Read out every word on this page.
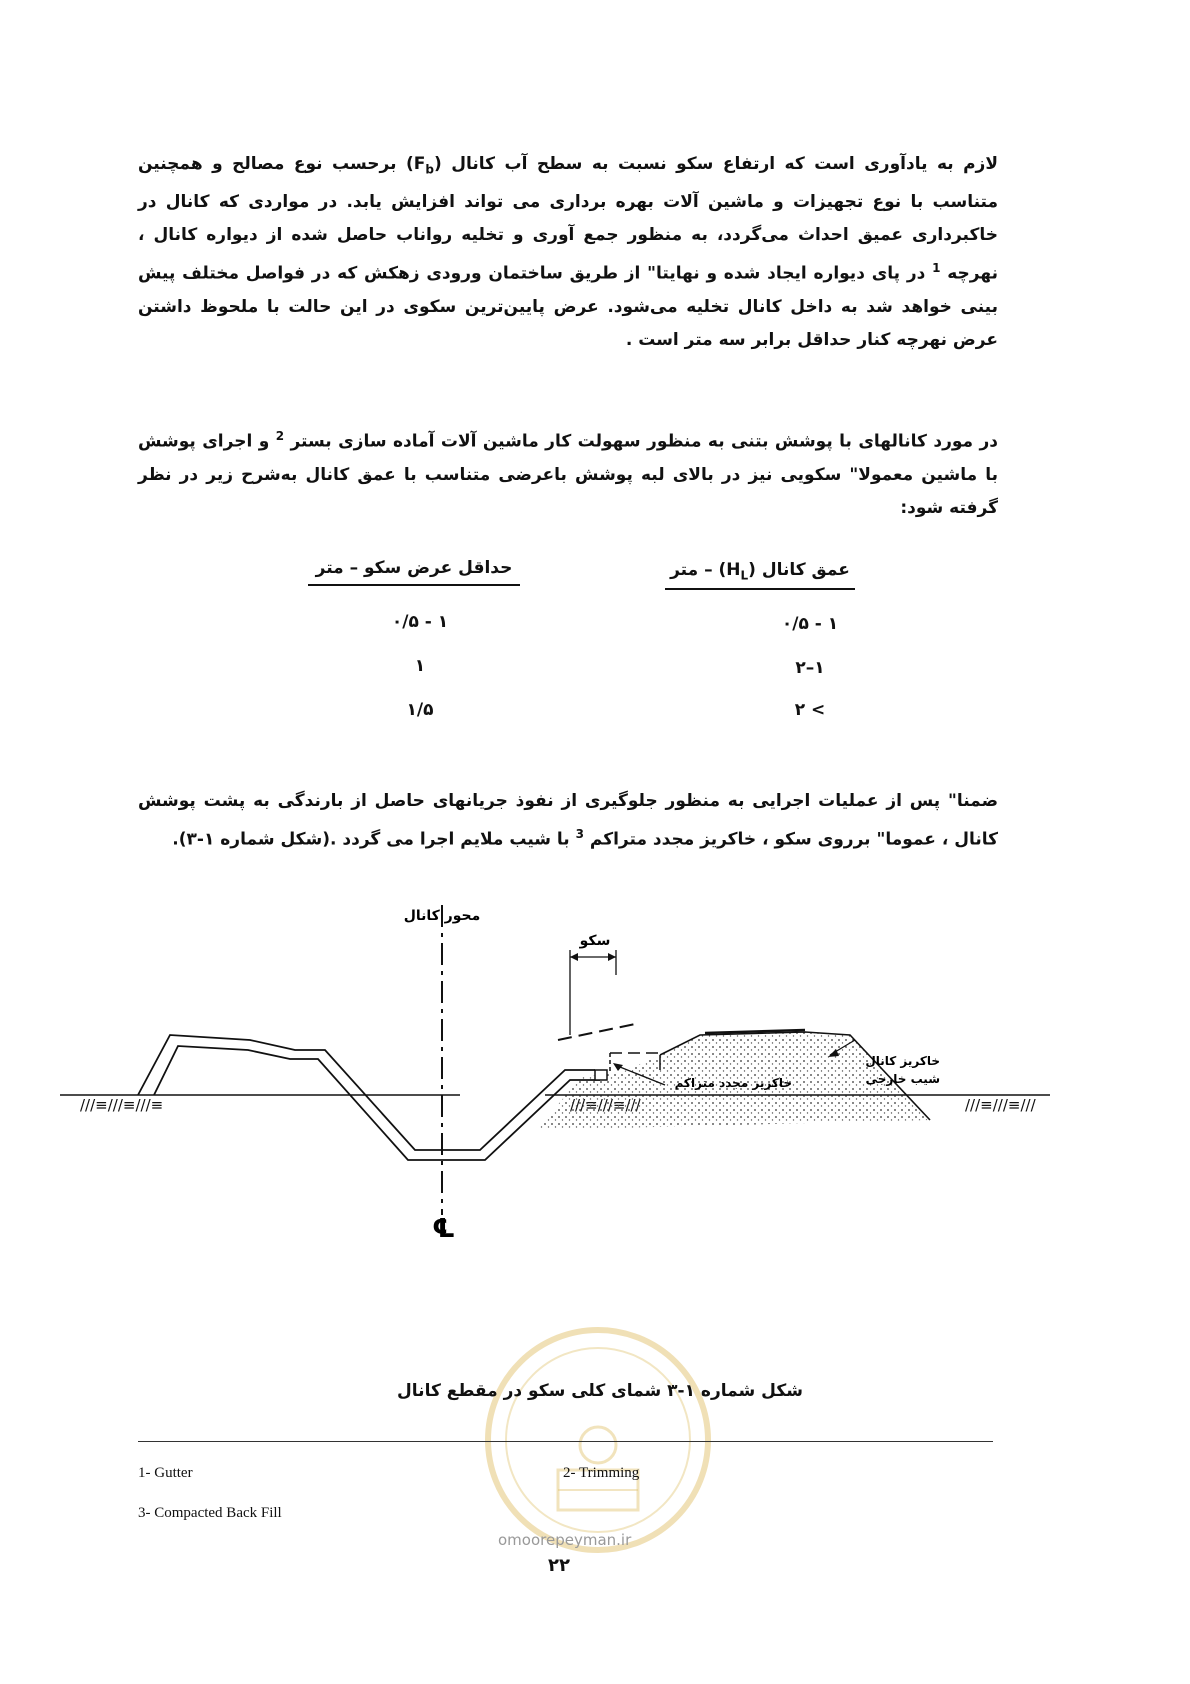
لازم به یادآوری است که ارتفاع سکو نسبت به سطح آب کانال $(F_b)$ برحسب نوع مصالح و همچنین متناسب با نوع تجهیزات و ماشین آلات بهره برداری می تواند افزایش یابد. در مواردی که کانال در خاکبرداری عمیق احداث می‌گردد، به منظور جمع آوری و تخلیه رواناب حاصل شده از دیواره کانال ، نهرچه $^1$ در پای دیواره ایجاد شده و نهایتا" از طریق ساختمان ورودی زهکش که در فواصل مختلف پیش بینی خواهد شد به داخل کانال تخلیه می‌شود. عرض پایین‌ترین سکوی در این حالت با ملحوظ داشتن عرض نهرچه کنار حداقل برابر سه متر است .

در مورد کانالهای با پوشش بتنی به منظور سهولت کار ماشین آلات آماده سازی بستر $^2$ و اجرای پوشش با ماشین معمولا" سکویی نیز در بالای لبه پوشش باعرضی متناسب با عمق کانال به‌شرح زیر در نظر گرفته شود:

عمق کانال $(H_L)$ – متر
حداقل عرض سکو – متر
۱ - ۰/۵
۱ - ۰/۵
۱–۲
۱
> ۲
۱/۵

ضمنا" پس از عملیات اجرایی به منظور جلوگیری از نفوذ جریانهای حاصل از بارندگی به پشت پوشش کانال ، عموما" برروی سکو ، خاکریز مجدد متراکم $^3$ با شیب ملایم اجرا می گردد .(شکل شماره ۱-۳).

///≡///≡///≡	///≡///≡///
سکو
محور کانال
℄
خاکریز مجدد متراکم
خاکریز کانال
شیب خارجی
شکل شماره ۱-۳ شمای کلی سکو در مقطع کانال
1- Gutter	2- Trimming
3- Compacted Back Fill
omoorepeyman.ir
۲۲
